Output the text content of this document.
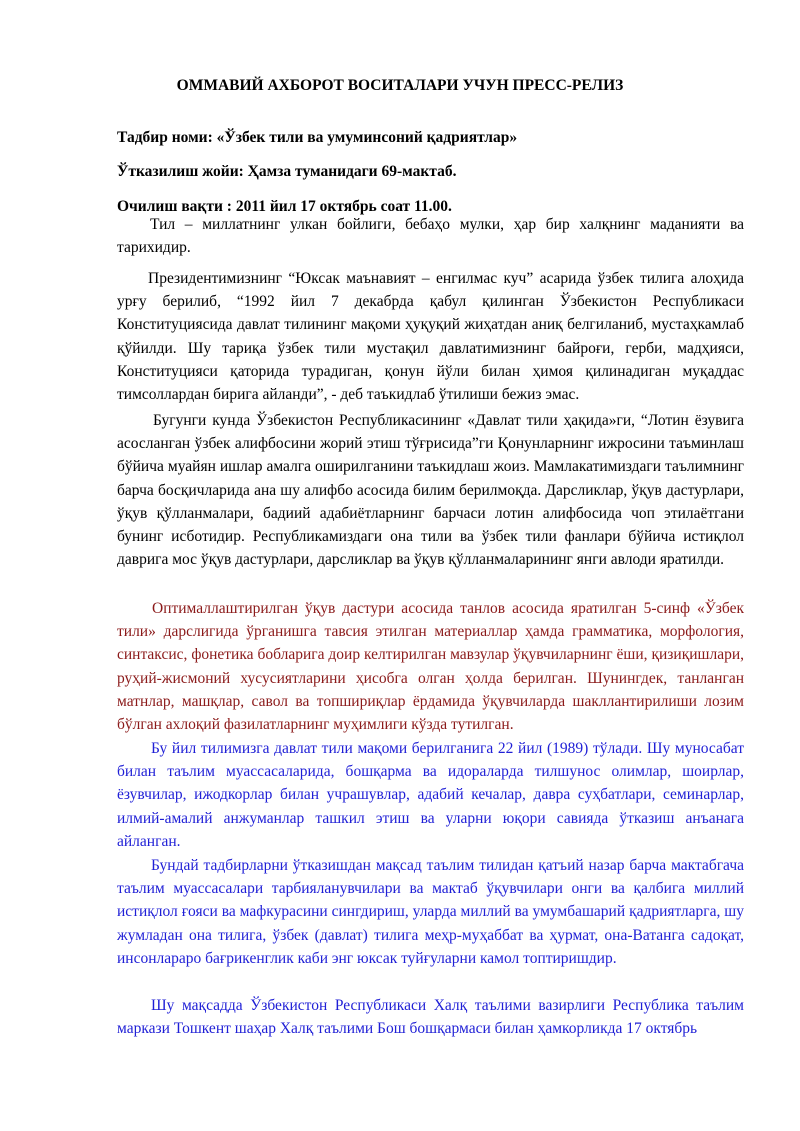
ОММАВИЙ АХБОРОТ ВОСИТАЛАРИ УЧУН ПРЕСС-РЕЛИЗ
Тадбир номи: «Ўзбек тили ва умуминсоний қадриятлар»
Ўтказилиш жойи: Ҳамза туманидаги 69-мактаб.
Очилиш вақти : 2011 йил 17 октябрь соат 11.00.

Тил – миллатнинг улкан бойлиги, бебаҳо мулки, ҳар бир халқнинг маданияти ва тарихидир.

Президентимизнинг “Юксак маънавият – енгилмас куч” асарида ўзбек тилига алоҳида урғу берилиб, “1992 йил 7 декабрда қабул қилинган Ўзбекистон Республикаси Конституциясида давлат тилининг мақоми ҳуқуқий жиҳатдан аниқ белгиланиб, мустаҳкамлаб қўйилди. Шу тариқа ўзбек тили мустақил давлатимизнинг байроғи, герби, мадҳияси, Конституцияси қаторида турадиган, қонун йўли билан ҳимоя қилинадиган муқаддас тимсоллардан бирига айланди”, - деб таъкидлаб ўтилиши бежиз эмас.

Бугунги кунда Ўзбекистон Республикасининг «Давлат тили ҳақида»ги, “Лотин ёзувига асосланган ўзбек алифбосини жорий этиш тўғрисида”ги Қонунларнинг ижросини таъминлаш бўйича муайян ишлар амалга оширилганини таъкидлаш жоиз. Мамлакатимиздаги таълимнинг барча босқичларида ана шу алифбо асосида билим берилмоқда. Дарсликлар, ўқув дастурлари, ўқув қўлланмалари, бадиий адабиётларнинг барчаси лотин алифбосида чоп этилаётгани бунинг исботидир. Республикамиздаги она тили ва ўзбек тили фанлари бўйича истиқлол даврига мос ўқув дастурлари, дарсликлар ва ўқув қўлланмаларининг янги авлоди яратилди.

Оптималлаштирилган ўқув дастури асосида танлов асосида яратилган 5-синф «Ўзбек тили» дарслигида ўрганишга тавсия этилган материаллар ҳамда грамматика, морфология, синтаксис, фонетика бобларига доир келтирилган мавзулар ўқувчиларнинг ёши, қизиқишлари, руҳий-жисмоний хусусиятларини ҳисобга олган ҳолда берилган. Шунингдек, танланган матнлар, машқлар, савол ва топшириқлар ёрдамида ўқувчиларда шакллантирилиши лозим бўлган ахлоқий фазилатларнинг муҳимлиги кўзда тутилган.

Бу йил тилимизга давлат тили мақоми берилганига 22 йил (1989) тўлади. Шу муносабат билан таълим муассасаларида, бошқарма ва идораларда тилшунос олимлар, шоирлар, ёзувчилар, ижодкорлар билан учрашувлар, адабий кечалар, давра суҳбатлари, семинарлар, илмий-амалий анжуманлар ташкил этиш ва уларни юқори савияда ўтказиш анъанага айланган.

Бундай тадбирларни ўтказишдан мақсад таълим тилидан қатъий назар барча мактабгача таълим муассасалари тарбияланувчилари ва мактаб ўқувчилари онги ва қалбига миллий истиқлол ғояси ва мафкурасини сингдириш, уларда миллий ва умумбашарий қадриятларга, шу жумладан она тилига, ўзбек (давлат) тилига меҳр-муҳаббат ва ҳурмат, она-Ватанга садоқат, инсонлараро бағрикенглик каби энг юксак туйғуларни камол топтиришдир.

Шу мақсадда Ўзбекистон Республикаси Халқ таълими вазирлиги Республика таълим маркази Тошкент шаҳар Халқ таълими Бош бошқармаси билан ҳамкорликда 17 октябрь
